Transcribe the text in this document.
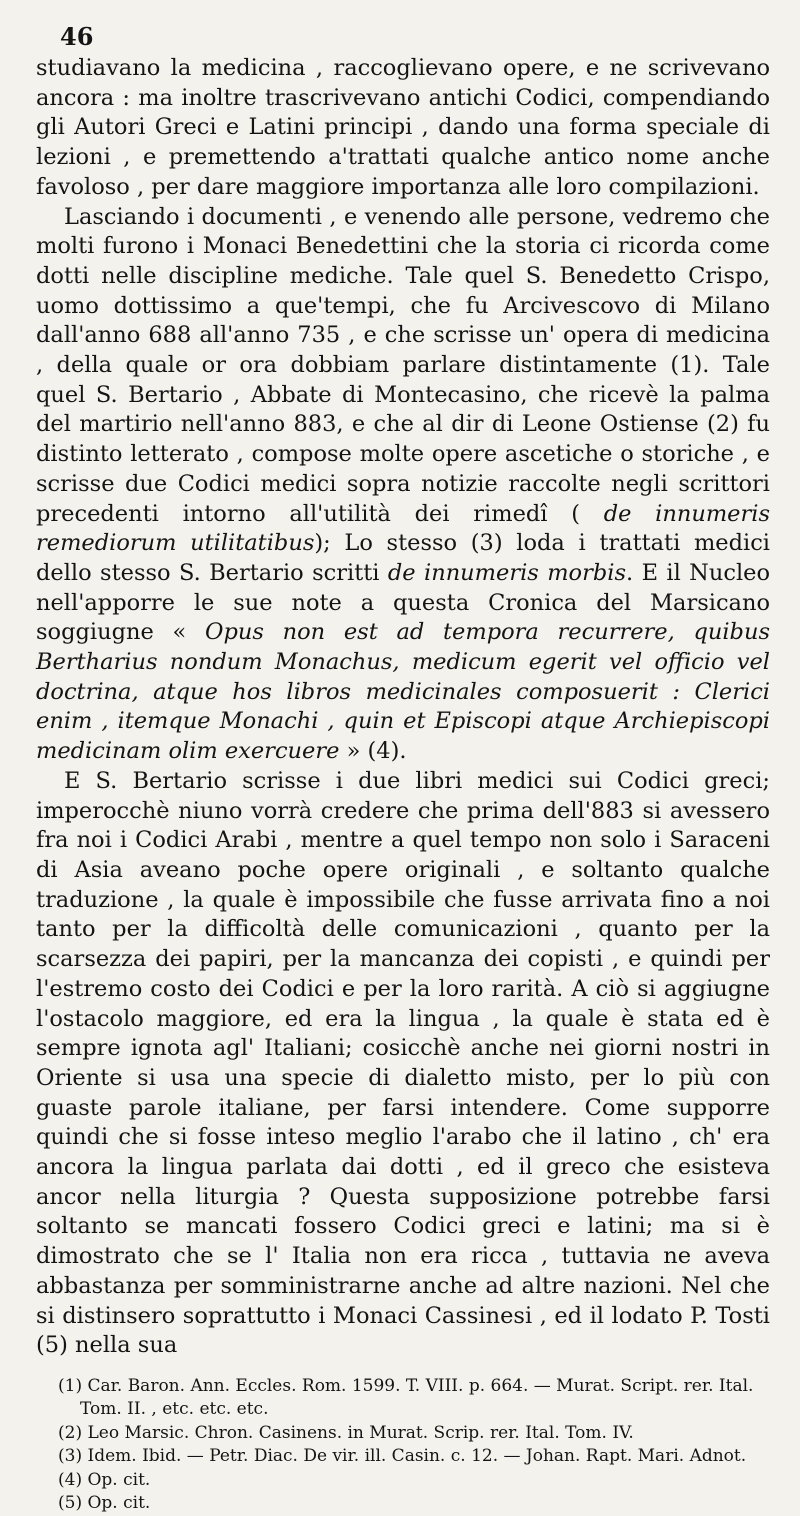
46

studiavano la medicina , raccoglievano opere, e ne scrivevano ancora : ma inoltre trascrivevano antichi Codici, compendiando gli Autori Greci e Latini principi , dando una forma speciale di lezioni , e premettendo a'trattati qualche antico nome anche favoloso , per dare maggiore importanza alle loro compilazioni.

Lasciando i documenti , e venendo alle persone, vedremo che molti furono i Monaci Benedettini che la storia ci ricorda come dotti nelle discipline mediche. Tale quel S. Benedetto Crispo, uomo dottissimo a que'tempi, che fu Arcivescovo di Milano dall'anno 688 all'anno 735 , e che scrisse un' opera di medicina , della quale or ora dobbiam parlare distintamente (1). Tale quel S. Bertario , Abbate di Montecasino, che ricevè la palma del martirio nell'anno 883, e che al dir di Leone Ostiense (2) fu distinto letterato , compose molte opere ascetiche o storiche , e scrisse due Codici medici sopra notizie raccolte negli scrittori precedenti intorno all'utilità dei rimedî ( de innumeris remediorum utilitatibus); Lo stesso (3) loda i trattati medici dello stesso S. Bertario scritti de innumeris morbis. E il Nucleo nell'apporre le sue note a questa Cronica del Marsicano soggiugne « Opus non est ad tempora recurrere, quibus Bertharius nondum Monachus, medicum egerit vel officio vel doctrina, atque hos libros medicinales composuerit : Clerici enim , itemque Monachi , quin et Episcopi atque Archiepiscopi medicinam olim exercuere » (4).

E S. Bertario scrisse i due libri medici sui Codici greci; imperocchè niuno vorrà credere che prima dell'883 si avessero fra noi i Codici Arabi , mentre a quel tempo non solo i Saraceni di Asia aveano poche opere originali , e soltanto qualche traduzione , la quale è impossibile che fusse arrivata fino a noi tanto per la difficoltà delle comunicazioni , quanto per la scarsezza dei papiri, per la mancanza dei copisti , e quindi per l'estremo costo dei Codici e per la loro rarità. A ciò si aggiugne l'ostacolo maggiore, ed era la lingua , la quale è stata ed è sempre ignota agl' Italiani; cosicchè anche nei giorni nostri in Oriente si usa una specie di dialetto misto, per lo più con guaste parole italiane, per farsi intendere. Come supporre quindi che si fosse inteso meglio l'arabo che il latino , ch' era ancora la lingua parlata dai dotti , ed il greco che esisteva ancor nella liturgia ? Questa supposizione potrebbe farsi soltanto se mancati fossero Codici greci e latini; ma si è dimostrato che se l' Italia non era ricca , tuttavia ne aveva abbastanza per somministrarne anche ad altre nazioni. Nel che si distinsero soprattutto i Monaci Cassinesi , ed il lodato P. Tosti (5) nella sua

(1) Car. Baron. Ann. Eccles. Rom. 1599. T. VIII. p. 664. — Murat. Script. rer. Ital. Tom. II. , etc. etc. etc.
(2) Leo Marsic. Chron. Casinens. in Murat. Scrip. rer. Ital. Tom. IV.
(3) Idem. Ibid. — Petr. Diac. De vir. ill. Casin. c. 12. — Johan. Rapt. Mari. Adnot.
(4) Op. cit.
(5) Op. cit.
